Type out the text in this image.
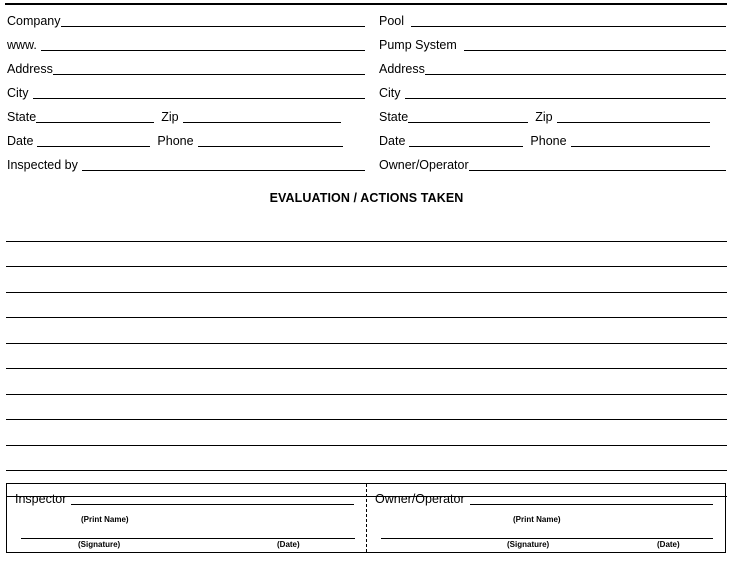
Company	Pool
www.	Pump System
Address	Address
City	City
State	Zip	State	Zip
Date	Phone	Date	Phone
Inspected by	Owner/Operator
EVALUATION / ACTIONS TAKEN
Inspector
(Print Name)
(Signature)	(Date)
Owner/Operator
(Print Name)
(Signature)	(Date)
